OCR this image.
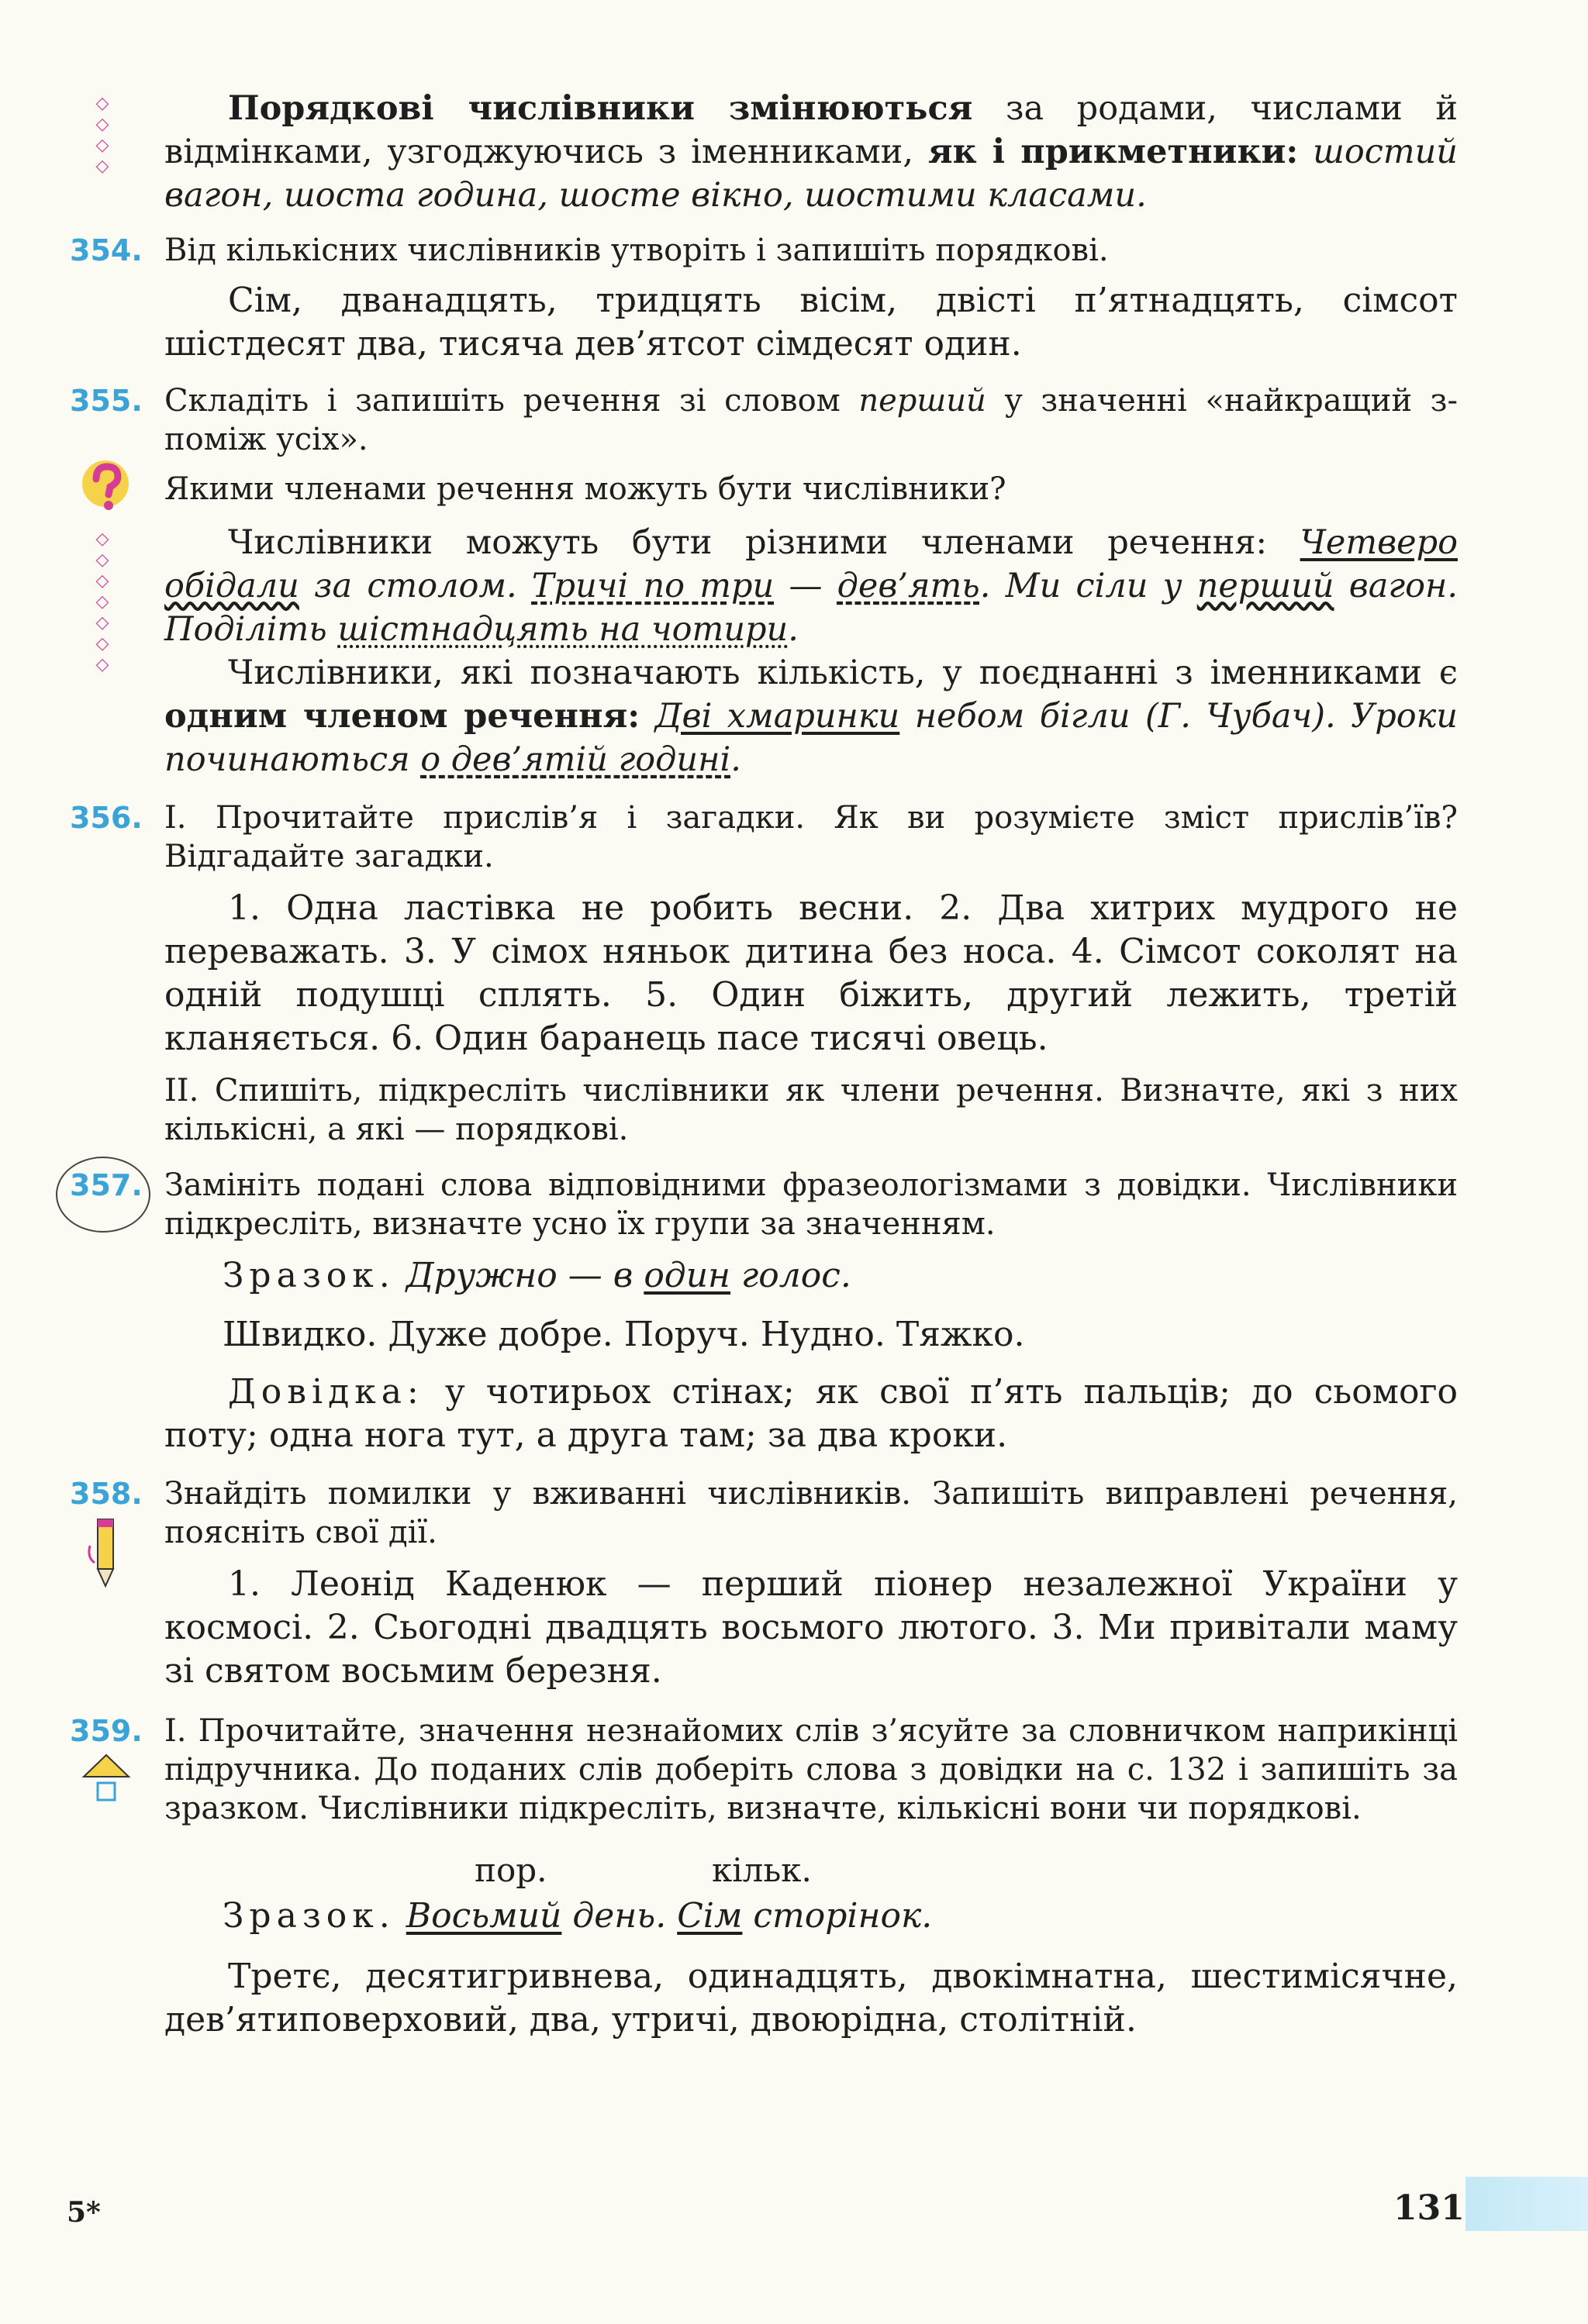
◇
◇
◇
◇

Порядкові числівники змінюються за родами, числами й відмінками, узгоджуючись з іменниками, як і прикметники: шостий вагон, шоста година, шосте вікно, шостими класами.

354. Від кількісних числівників утворіть і запишіть порядкові.

Сім, дванадцять, тридцять вісім, двісті п’ятнадцять, сімсот шістдесят два, тисяча дев’ятсот сімдесят один.

355. Складіть і запишіть речення зі словом перший у значенні «найкращий з-поміж усіх».

Якими членами речення можуть бути числівники?

◇
◇
◇
◇
◇
◇
◇

Числівники можуть бути різними членами речення: Четверо обідали за столом. Тричі по три — дев’ять. Ми сіли у перший вагон. Поділіть шістнадцять на чотири.

Числівники, які позначають кількість, у поєднанні з іменниками є одним членом речення: Дві хмаринки небом бігли (Г. Чубач). Уроки починаються о дев’ятій годині.

356. I. Прочитайте прислів’я і загадки. Як ви розумієте зміст прислів’їв? Відгадайте загадки.

1. Одна ластівка не робить весни. 2. Два хитрих мудрого не переважать. 3. У сімох няньок дитина без носа. 4. Сімсот соколят на одній подушці сплять. 5. Один біжить, другий лежить, третій кланяється. 6. Один баранець пасе тисячі овець.

II. Спишіть, підкресліть числівники як члени речення. Визначте, які з них кількісні, а які — порядкові.

357. Замініть подані слова відповідними фразеологізмами з довідки. Числівники підкресліть, визначте усно їх групи за значенням.

Зразок. Дружно — в один голос.

Швидко. Дуже добре. Поруч. Нудно. Тяжко.

Довідка: у чотирьох стінах; як свої п’ять пальців; до сьомого поту; одна нога тут, а друга там; за два кроки.

358. Знайдіть помилки у вживанні числівників. Запишіть виправлені речення, поясніть свої дії.

1. Леонід Каденюк — перший піонер незалежної України у космосі. 2. Сьогодні двадцять восьмого лютого. 3. Ми привітали маму зі святом восьмим березня.

359. I. Прочитайте, значення незнайомих слів з’ясуйте за словничком наприкінці підручника. До поданих слів доберіть слова з довідки на с. 132 і запишіть за зразком. Числівники підкресліть, визначте, кількісні вони чи порядкові.

пор.	кільк.

Зразок. Восьмий день. Сім сторінок.

Третє, десятигривнева, одинадцять, двокімнатна, шестимісячне, дев’ятиповерховий, два, утричі, двоюрідна, столітній.

5*	131
